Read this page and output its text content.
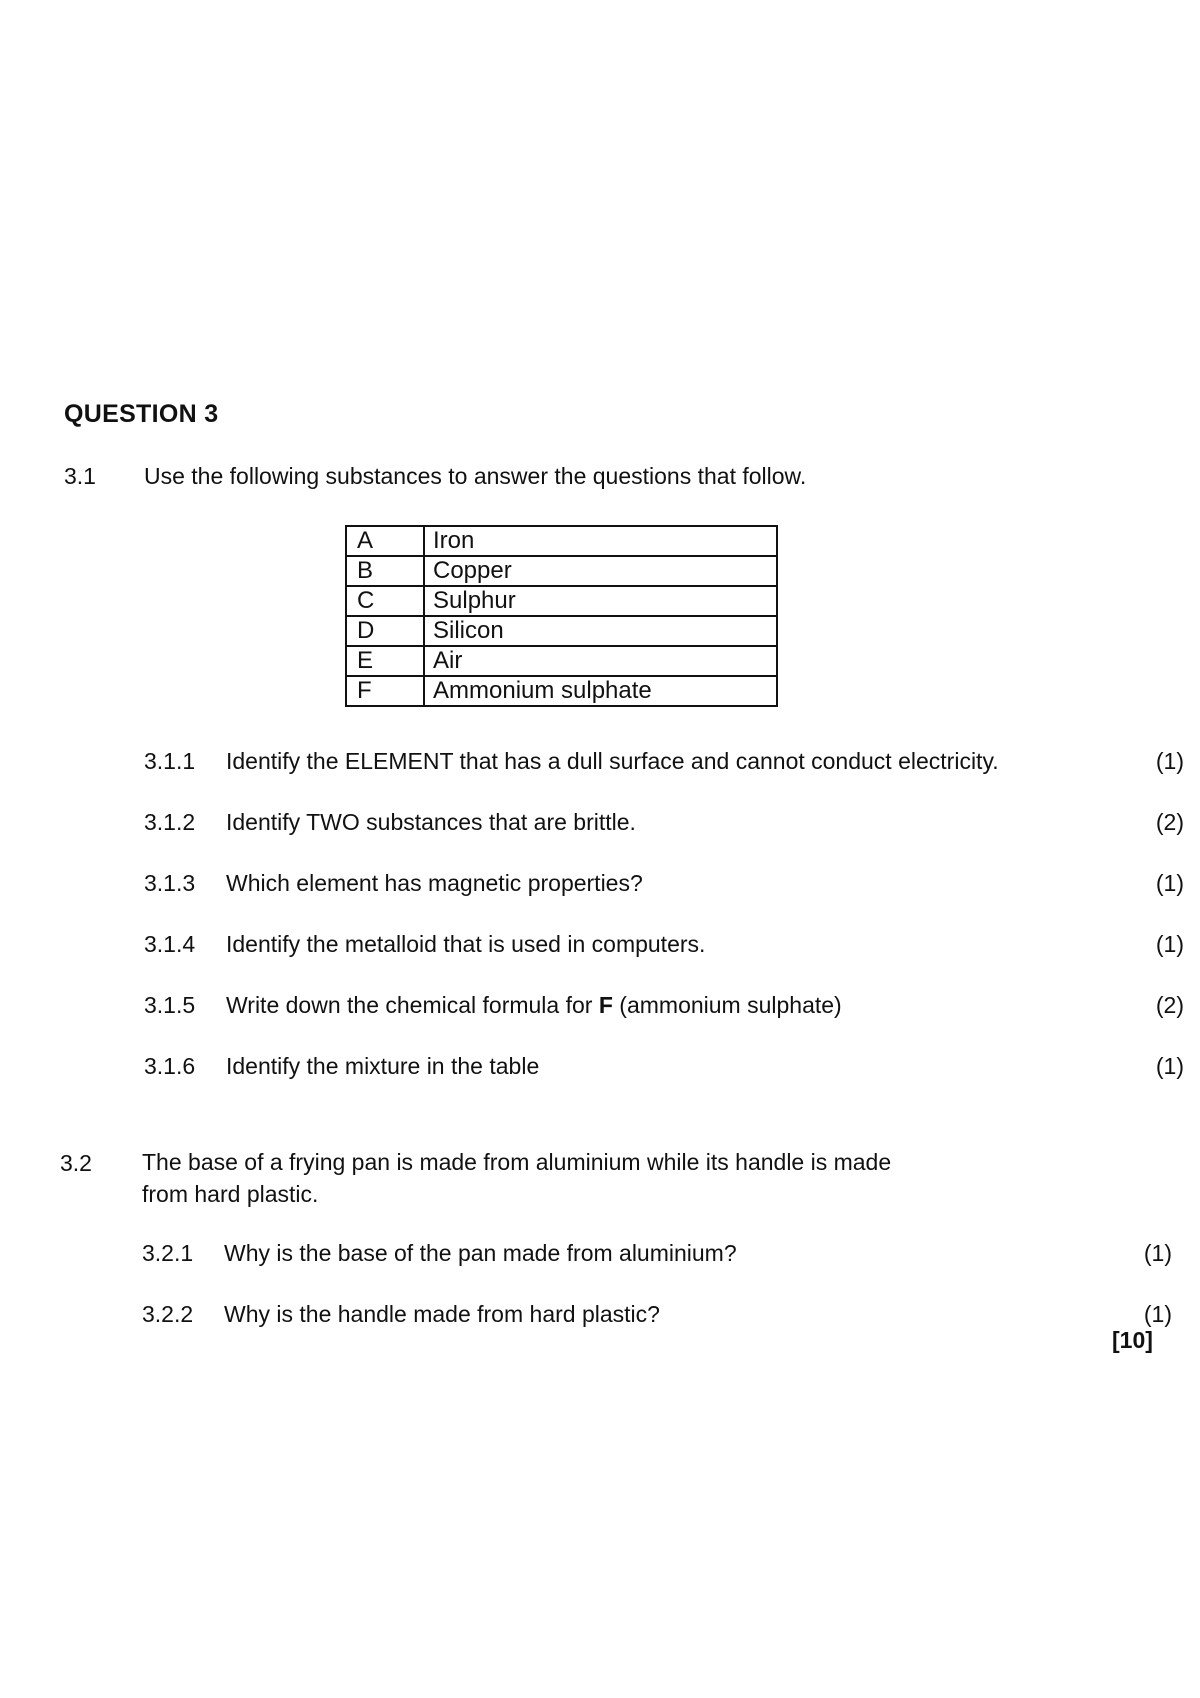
QUESTION 3
3.1 Use the following substances to answer the questions that follow.
A	Iron
B	Copper
C	Sulphur
D	Silicon
E	Air
F	Ammonium sulphate
3.1.1	Identify the ELEMENT that has a dull surface and cannot conduct electricity.	(1)
3.1.2	Identify TWO substances that are brittle.	(2)
3.1.3	Which element has magnetic properties?	(1)
3.1.4	Identify the metalloid that is used in computers.	(1)
3.1.5	Write down the chemical formula for F (ammonium sulphate)	(2)
3.1.6	Identify the mixture in the table	(1)
3.2 The base of a frying pan is made from aluminium while its handle is made
from hard plastic.
3.2.1	Why is the base of the pan made from aluminium?	(1)
3.2.2	Why is the handle made from hard plastic?	(1)
[10]
